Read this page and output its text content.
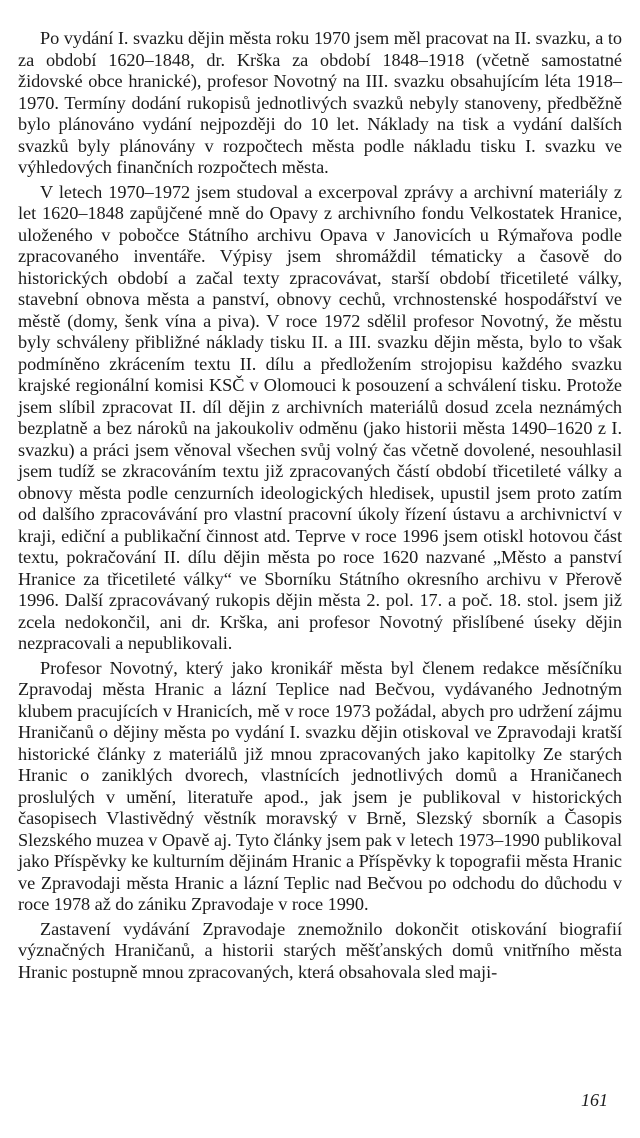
Po vydání I. svazku dějin města roku 1970 jsem měl pracovat na II. svazku, a to za období 1620–1848, dr. Krška za období 1848–1918 (včetně samostatné židovské obce hranické), profesor Novotný na III. svazku obsahujícím léta 1918–1970. Termíny dodání rukopisů jednotlivých svazků nebyly stanoveny, předběžně bylo plánováno vydání nejpozději do 10 let. Náklady na tisk a vydání dalších svazků byly plánovány v rozpočtech města podle nákladu tisku I. svazku ve výhledových finančních rozpočtech města.

V letech 1970–1972 jsem studoval a excerpoval zprávy a archivní materiály z let 1620–1848 zapůjčené mně do Opavy z archivního fondu Velkostatek Hranice, uloženého v pobočce Státního archivu Opava v Janovicích u Rýmařova podle zpracovaného inventáře. Výpisy jsem shromáždil tématicky a časově do historických období a začal texty zpracovávat, starší období třicetileté války, stavební obnova města a panství, obnovy cechů, vrchnostenské hospodářství ve městě (domy, šenk vína a piva). V roce 1972 sdělil profesor Novotný, že městu byly schváleny přibližné náklady tisku II. a III. svazku dějin města, bylo to však podmíněno zkrácením textu II. dílu a předložením strojopisu každého svazku krajské regionální komisi KSČ v Olomouci k posouzení a schválení tisku. Protože jsem slíbil zpracovat II. díl dějin z archivních materiálů dosud zcela neznámých bezplatně a bez nároků na jakoukoliv odměnu (jako historii města 1490–1620 z I. svazku) a práci jsem věnoval všechen svůj volný čas včetně dovolené, nesouhlasil jsem tudíž se zkracováním textu již zpracovaných částí období třicetileté války a obnovy města podle cenzurních ideologických hledisek, upustil jsem proto zatím od dalšího zpracovávání pro vlastní pracovní úkoly řízení ústavu a archivnictví v kraji, ediční a publikační činnost atd. Teprve v roce 1996 jsem otiskl hotovou část textu, pokračování II. dílu dějin města po roce 1620 nazvané „Město a panství Hranice za třicetileté války“ ve Sborníku Státního okresního archivu v Přerově 1996. Další zpracovávaný rukopis dějin města 2. pol. 17. a poč. 18. stol. jsem již zcela nedokončil, ani dr. Krška, ani profesor Novotný přislíbené úseky dějin nezpracovali a nepublikovali.

Profesor Novotný, který jako kronikář města byl členem redakce měsíčníku Zpravodaj města Hranic a lázní Teplice nad Bečvou, vydávaného Jednotným klubem pracujících v Hranicích, mě v roce 1973 požádal, abych pro udržení zájmu Hraničanů o dějiny města po vydání I. svazku dějin otiskoval ve Zpravodaji kratší historické články z materiálů již mnou zpracovaných jako kapitolky Ze starých Hranic o zaniklých dvorech, vlastnících jednotlivých domů a Hraničanech proslulých v umění, literatuře apod., jak jsem je publikoval v historických časopisech Vlastivědný věstník moravský v Brně, Slezský sborník a Časopis Slezského muzea v Opavě aj. Tyto články jsem pak v letech 1973–1990 publikoval jako Příspěvky ke kulturním dějinám Hranic a Příspěvky k topografii města Hranic ve Zpravodaji města Hranic a lázní Teplic nad Bečvou po odchodu do důchodu v roce 1978 až do zániku Zpravodaje v roce 1990.

Zastavení vydávání Zpravodaje znemožnilo dokončit otiskování biografií význačných Hraničanů, a historii starých měšťanských domů vnitřního města Hranic postupně mnou zpracovaných, která obsahovala sled maji-

161
